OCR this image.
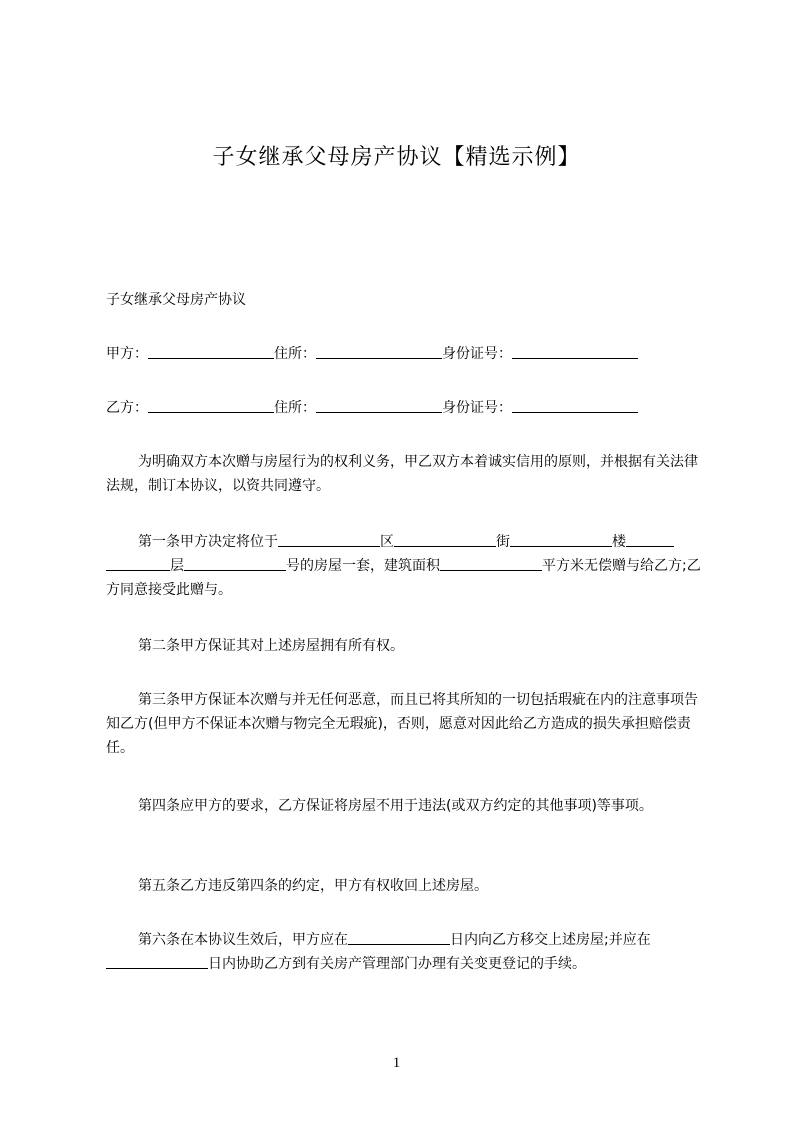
子女继承父母房产协议【精选示例】

子女继承父母房产协议

甲方：	住所：	身份证号：

乙方：	住所：	身份证号：

为明确双方本次赠与房屋行为的权利义务，甲乙双方本着诚实信用的原则，并根据有关法律法规，制订本协议，以资共同遵守。

第一条甲方决定将位于	区	街	楼层	号的房屋一套，建筑面积	平方米无偿赠与给乙方;乙方同意接受此赠与。

第二条甲方保证其对上述房屋拥有所有权。

第三条甲方保证本次赠与并无任何恶意，而且已将其所知的一切包括瑕疵在内的注意事项告知乙方(但甲方不保证本次赠与物完全无瑕疵)，否则，愿意对因此给乙方造成的损失承担赔偿责任。

第四条应甲方的要求，乙方保证将房屋不用于违法(或双方约定的其他事项)等事项。

第五条乙方违反第四条的约定，甲方有权收回上述房屋。

第六条在本协议生效后，甲方应在	日内向乙方移交上述房屋;并应在日内协助乙方到有关房产管理部门办理有关变更登记的手续。

1
